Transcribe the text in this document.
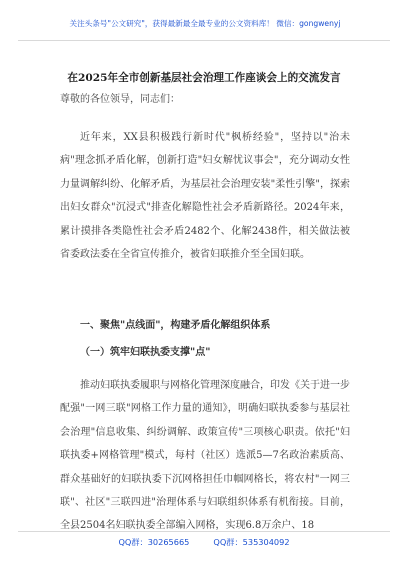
关注头条号"公文研究"，获得最新最全最专业的公文资料库！ 微信：gongwenyj
在2025年全市创新基层社会治理工作座谈会上的交流发言
尊敬的各位领导，同志们：

近年来，XX县积极践行新时代"枫桥经验"，坚持以"治未病"理念抓矛盾化解，创新打造"妇女解忧议事会"，充分调动女性力量调解纠纷、化解矛盾，为基层社会治理安装"柔性引擎"，探索出妇女群众"沉浸式"排查化解隐性社会矛盾新路径。2024年来，累计摸排各类隐性社会矛盾2482个、化解2438件，相关做法被省委政法委在全省宣传推介，被省妇联推介至全国妇联。

一、聚焦"点线面"，构建矛盾化解组织体系
（一）筑牢妇联执委支撑"点"

推动妇联执委履职与网格化管理深度融合，印发《关于进一步配强"一网三联"网格工作力量的通知》，明确妇联执委参与基层社会治理"信息收集、纠纷调解、政策宣传"三项核心职责。依托"妇联执委+网格管理"模式，每村（社区）选派5—7名政治素质高、群众基础好的妇联执委下沉网格担任巾帼网格长，将农村"一网三联"、社区"三联四进"治理体系与妇联组织体系有机衔接。目前，全县2504名妇联执委全部编入网格，实现6.8万余户、18

QQ群：30265665	QQ群：535304092
